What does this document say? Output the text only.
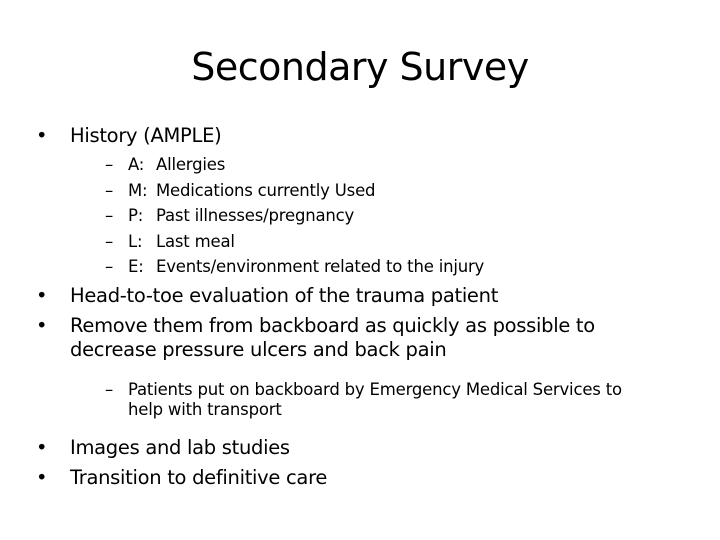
Secondary Survey
•	History (AMPLE)
– A: Allergies
– M: Medications currently Used
– P: Past illnesses/pregnancy
– L: Last meal
– E: Events/environment related to the injury
•	Head-to-toe evaluation of the trauma patient
•	Remove them from backboard as quickly as possible to decrease pressure ulcers and back pain
– Patients put on backboard by Emergency Medical Services to help with transport
•	Images and lab studies
•	Transition to definitive care
